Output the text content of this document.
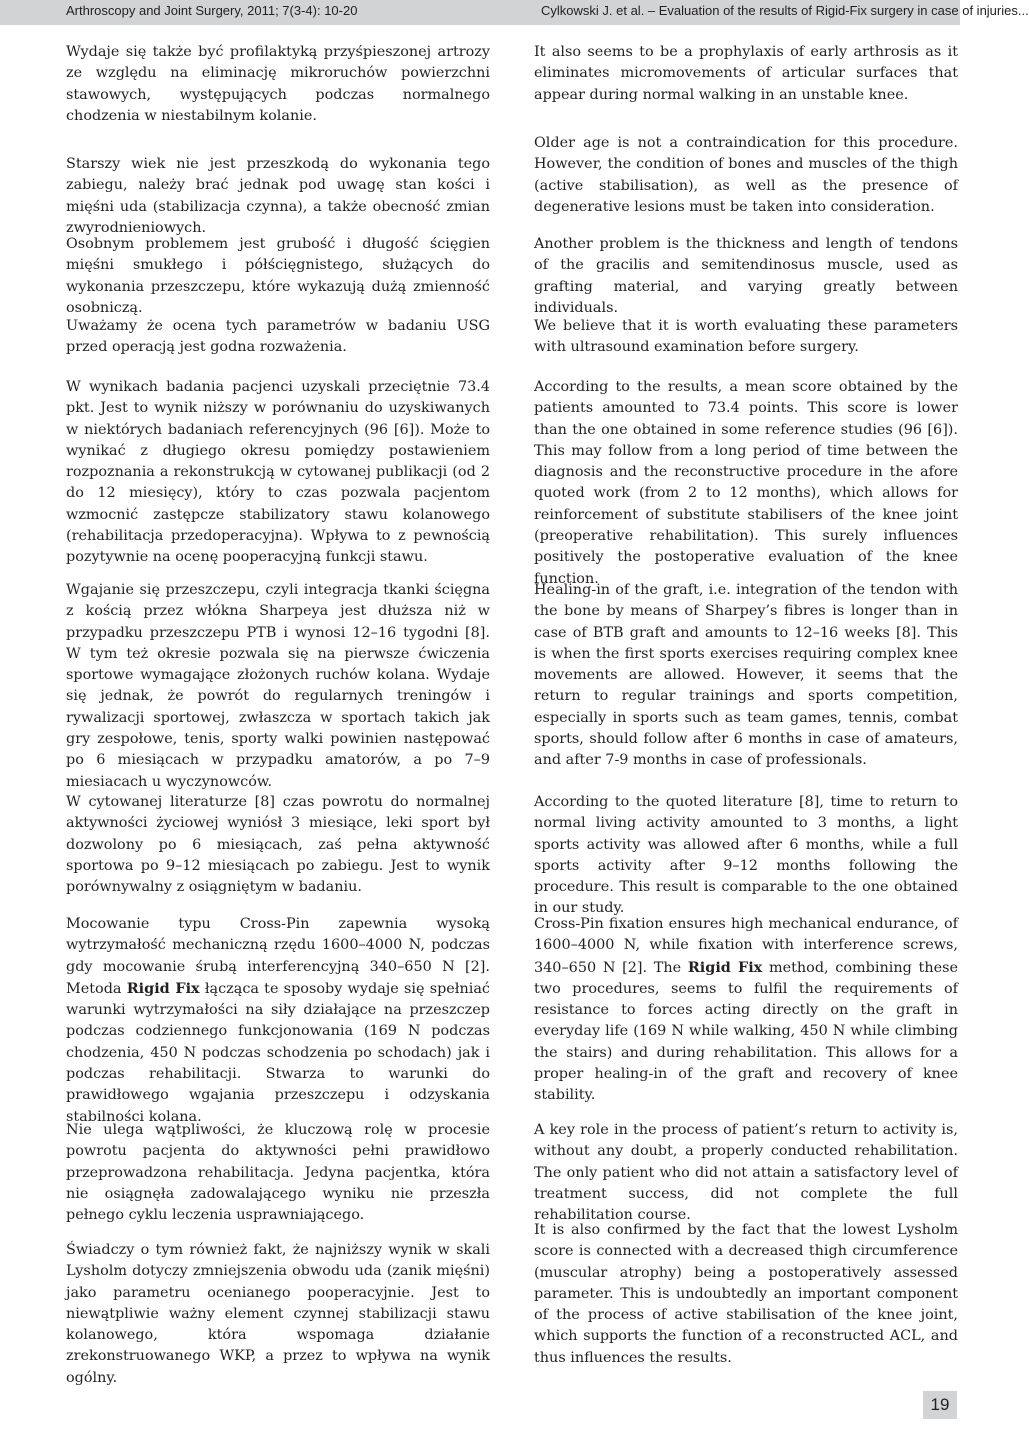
Arthroscopy and Joint Surgery, 2011; 7(3-4): 10-20	Cylkowski J. et al. – Evaluation of the results of Rigid-Fix surgery in case of injuries...

Wydaje się także być profilaktyką przyśpieszonej artrozy ze względu na eliminację mikroruchów powierzchni stawowych, występujących podczas normalnego chodzenia w niestabilnym kolanie.

Starszy wiek nie jest przeszkodą do wykonania tego zabiegu, należy brać jednak pod uwagę stan kości i mięśni uda (stabilizacja czynna), a także obecność zmian zwyrodnieniowych.

Osobnym problemem jest grubość i długość ścięgien mięśni smukłego i półścięgnistego, służących do wykonania przeszczepu, które wykazują dużą zmienność osobniczą.

Uważamy że ocena tych parametrów w badaniu USG przed operacją jest godna rozważenia.

W wynikach badania pacjenci uzyskali przeciętnie 73.4 pkt. Jest to wynik niższy w porównaniu do uzyskiwanych w niektórych badaniach referencyjnych (96 [6]). Może to wynikać z długiego okresu pomiędzy postawieniem rozpoznania a rekonstrukcją w cytowanej publikacji (od 2 do 12 miesięcy), który to czas pozwala pacjentom wzmocnić zastępcze stabilizatory stawu kolanowego (rehabilitacja przedoperacyjna). Wpływa to z pewnością pozytywnie na ocenę pooperacyjną funkcji stawu.

Wgajanie się przeszczepu, czyli integracja tkanki ścięgna z kością przez włókna Sharpeya jest dłuższa niż w przypadku przeszczepu PTB i wynosi 12–16 tygodni [8]. W tym też okresie pozwala się na pierwsze ćwiczenia sportowe wymagające złożonych ruchów kolana. Wydaje się jednak, że powrót do regularnych treningów i rywalizacji sportowej, zwłaszcza w sportach takich jak gry zespołowe, tenis, sporty walki powinien następować po 6 miesiącach w przypadku amatorów, a po 7–9 miesiacach u wyczynowców.

W cytowanej literaturze [8] czas powrotu do normalnej aktywności życiowej wyniósł 3 miesiące, leki sport był dozwolony po 6 miesiącach, zaś pełna aktywność sportowa po 9–12 miesiącach po zabiegu. Jest to wynik porównywalny z osiągniętym w badaniu.

Mocowanie typu Cross-Pin zapewnia wysoką wytrzymałość mechaniczną rzędu 1600–4000 N, podczas gdy mocowanie śrubą interferencyjną 340–650 N [2]. Metoda Rigid Fix łącząca te sposoby wydaje się spełniać warunki wytrzymałości na siły działające na przeszczep podczas codziennego funkcjonowania (169 N podczas chodzenia, 450 N podczas schodzenia po schodach) jak i podczas rehabilitacji. Stwarza to warunki do prawidłowego wgajania przeszczepu i odzyskania stabilności kolana.

Nie ulega wątpliwości, że kluczową rolę w procesie powrotu pacjenta do aktywności pełni prawidłowo przeprowadzona rehabilitacja. Jedyna pacjentka, która nie osiągnęła zadowalającego wyniku nie przeszła pełnego cyklu leczenia usprawniającego.

Świadczy o tym również fakt, że najniższy wynik w skali Lysholm dotyczy zmniejszenia obwodu uda (zanik mięśni) jako parametru ocenianego pooperacyjnie. Jest to niewątpliwie ważny element czynnej stabilizacji stawu kolanowego, która wspomaga działanie zrekonstruowanego WKP, a przez to wpływa na wynik ogólny.

It also seems to be a prophylaxis of early arthrosis as it eliminates micromovements of articular surfaces that appear during normal walking in an unstable knee.

Older age is not a contraindication for this procedure. However, the condition of bones and muscles of the thigh (active stabilisation), as well as the presence of degenerative lesions must be taken into consideration.

Another problem is the thickness and length of tendons of the gracilis and semitendinosus muscle, used as grafting material, and varying greatly between individuals.

We believe that it is worth evaluating these parameters with ultrasound examination before surgery.

According to the results, a mean score obtained by the patients amounted to 73.4 points. This score is lower than the one obtained in some reference studies (96 [6]). This may follow from a long period of time between the diagnosis and the reconstructive procedure in the afore quoted work (from 2 to 12 months), which allows for reinforcement of substitute stabilisers of the knee joint (preoperative rehabilitation). This surely influences positively the postoperative evaluation of the knee function.

Healing-in of the graft, i.e. integration of the tendon with the bone by means of Sharpey’s fibres is longer than in case of BTB graft and amounts to 12–16 weeks [8]. This is when the first sports exercises requiring complex knee movements are allowed. However, it seems that the return to regular trainings and sports competition, especially in sports such as team games, tennis, combat sports, should follow after 6 months in case of amateurs, and after 7-9 months in case of professionals.

According to the quoted literature [8], time to return to normal living activity amounted to 3 months, a light sports activity was allowed after 6 months, while a full sports activity after 9–12 months following the procedure. This result is comparable to the one obtained in our study.

Cross-Pin fixation ensures high mechanical endurance, of 1600–4000 N, while fixation with interference screws, 340–650 N [2]. The Rigid Fix method, combining these two procedures, seems to fulfil the requirements of resistance to forces acting directly on the graft in everyday life (169 N while walking, 450 N while climbing the stairs) and during rehabilitation. This allows for a proper healing-in of the graft and recovery of knee stability.

A key role in the process of patient’s return to activity is, without any doubt, a properly conducted rehabilitation. The only patient who did not attain a satisfactory level of treatment success, did not complete the full rehabilitation course.

It is also confirmed by the fact that the lowest Lysholm score is connected with a decreased thigh circumference (muscular atrophy) being a postoperatively assessed parameter. This is undoubtedly an important component of the process of active stabilisation of the knee joint, which supports the function of a reconstructed ACL, and thus influences the results.

19
